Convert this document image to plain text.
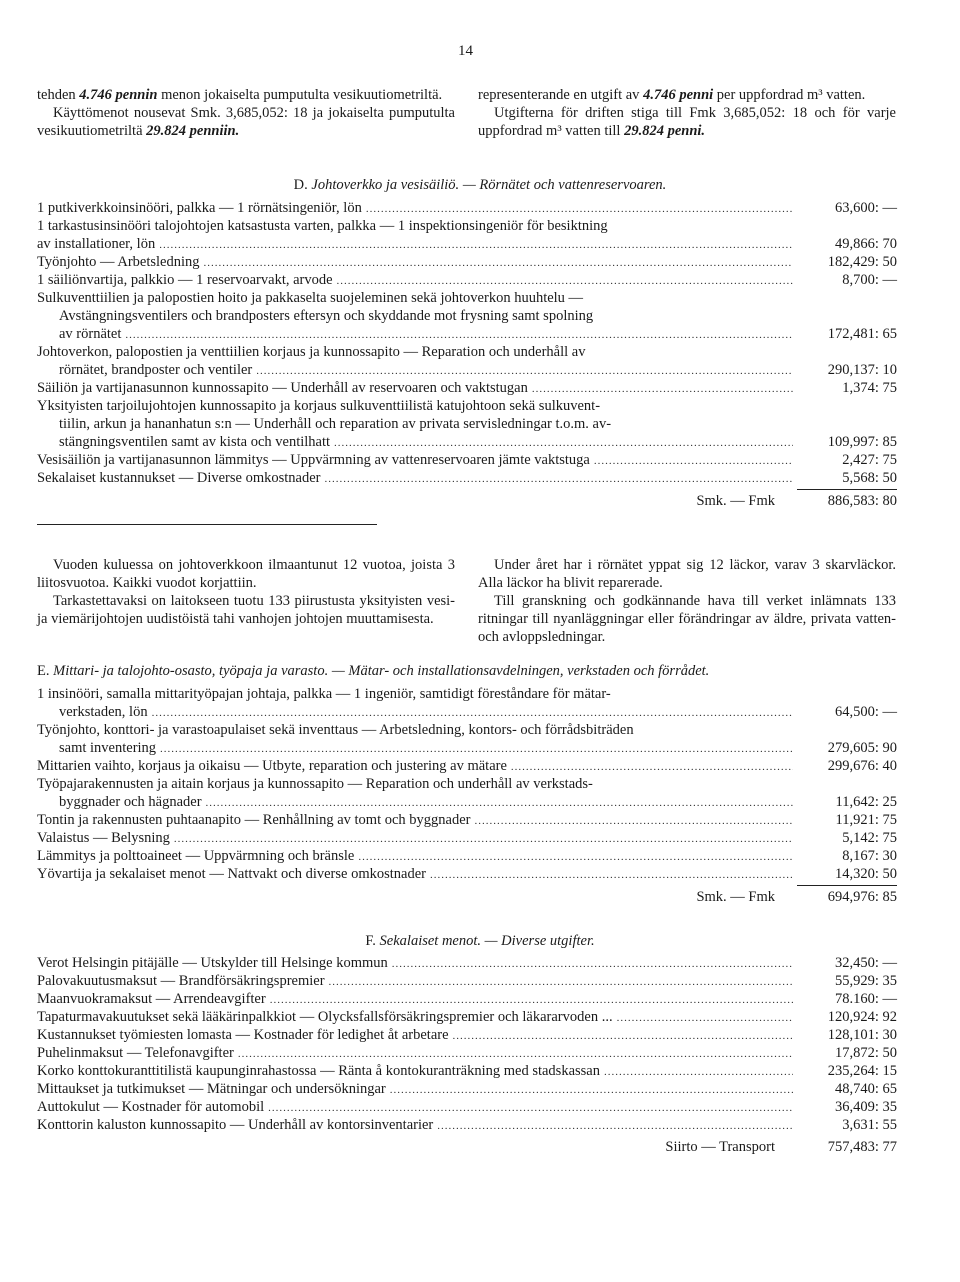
14

tehden 4.746 pennin menon jokaiselta pumputulta vesikuutiometriltä.

Käyttömenot nousevat Smk. 3,685,052: 18 ja jokaiselta pumputulta vesikuutiometriltä 29.824 penniin.

representerande en utgift av 4.746 penni per uppfordrad m³ vatten.

Utgifterna för driften stiga till Fmk 3,685,052: 18 och för varje uppfordrad m³ vatten till 29.824 penni.

D. Johtoverkko ja vesisäiliö. — Rörnätet och vattenreservoaren.
1 putkiverkkoinsinööri, palkka — 1 rörnätsingeniör, lön .....	63,600: —
1 tarkastusinsinööri talojohtojen katsastusta varten, palkka — 1 inspektionsingeniör för besiktning
av installationer, lön .....	49,866: 70
Työnjohto — Arbetsledning .....	182,429: 50
1 säiliönvartija, palkkio — 1 reservoarvakt, arvode .....	8,700: —
Sulkuventtiilien ja palopostien hoito ja pakkaselta suojeleminen sekä johtoverkon huuhtelu —
Avstängningsventilers och brandposters eftersyn och skyddande mot frysning samt spolning
av rörnätet .....	172,481: 65
Johtoverkon, palopostien ja venttiilien korjaus ja kunnossapito — Reparation och underhåll av
rörnätet, brandposter och ventiler .....	290,137: 10
Säiliön ja vartijanasunnon kunnossapito — Underhåll av reservoaren och vaktstugan .....	1,374: 75
Yksityisten tarjoilujohtojen kunnossapito ja korjaus sulkuventtiilistä katujohtoon sekä sulkuvent-
tiilin, arkun ja hananhatun s:n — Underhåll och reparation av privata servisledningar t.o.m. av-
stängningsventilen samt av kista och ventilhatt .....	109,997: 85
Vesisäiliön ja vartijanasunnon lämmitys — Uppvärmning av vattenreservoaren jämte vaktstuga .....	2,427: 75
Sekalaiset kustannukset — Diverse omkostnader .....	5,568: 50
Smk. — Fmk	886,583: 80

Vuoden kuluessa on johtoverkkoon ilmaantunut 12 vuotoa, joista 3 liitosvuotoa. Kaikki vuodot korjattiin.

Tarkastettavaksi on laitokseen tuotu 133 piirustusta yksityisten vesi- ja viemärijohtojen uudistöistä tahi vanhojen johtojen muuttamisesta.

Under året har i rörnätet yppat sig 12 läckor, varav 3 skarvläckor. Alla läckor ha blivit reparerade.

Till granskning och godkännande hava till verket inlämnats 133 ritningar till nyanläggningar eller förändringar av äldre, privata vatten- och avloppsledningar.

E. Mittari- ja talojohto-osasto, työpaja ja varasto. — Mätar- och installationsavdelningen, verkstaden och förrådet.
1 insinööri, samalla mittarityöpajan johtaja, palkka — 1 ingeniör, samtidigt föreståndare för mätar-
verkstaden, lön .....	64,500: —
Työnjohto, konttori- ja varastoapulaiset sekä inventtaus — Arbetsledning, kontors- och förrådsbiträden
samt inventering .....	279,605: 90
Mittarien vaihto, korjaus ja oikaisu — Utbyte, reparation och justering av mätare .....	299,676: 40
Työpajarakennusten ja aitain korjaus ja kunnossapito — Reparation och underhåll av verkstads-
byggnader och hägnader .....	11,642: 25
Tontin ja rakennusten puhtaanapito — Renhållning av tomt och byggnader .....	11,921: 75
Valaistus — Belysning .....	5,142: 75
Lämmitys ja polttoaineet — Uppvärmning och bränsle .....	8,167: 30
Yövartija ja sekalaiset menot — Nattvakt och diverse omkostnader .....	14,320: 50
Smk. — Fmk	694,976: 85
F. Sekalaiset menot. — Diverse utgifter.
Verot Helsingin pitäjälle — Utskylder till Helsinge kommun .....	32,450: —
Palovakuutusmaksut — Brandförsäkringspremier .....	55,929: 35
Maanvuokramaksut — Arrendeavgifter .....	78.160: —
Tapaturmavakuutukset sekä lääkärinpalkkiot — Olycksfallsförsäkringspremier och läkararvoden ... .....	120,924: 92
Kustannukset työmiesten lomasta — Kostnader för ledighet åt arbetare .....	128,101: 30
Puhelinmaksut — Telefonavgifter .....	17,872: 50
Korko konttokuranttitilistä kaupunginrahastossa — Ränta å kontokuranträkning med stadskassan .....	235,264: 15
Mittaukset ja tutkimukset — Mätningar och undersökningar .....	48,740: 65
Auttokulut — Kostnader för automobil .....	36,409: 35
Konttorin kaluston kunnossapito — Underhåll av kontorsinventarier .....	3,631: 55
Siirto — Transport	757,483: 77
